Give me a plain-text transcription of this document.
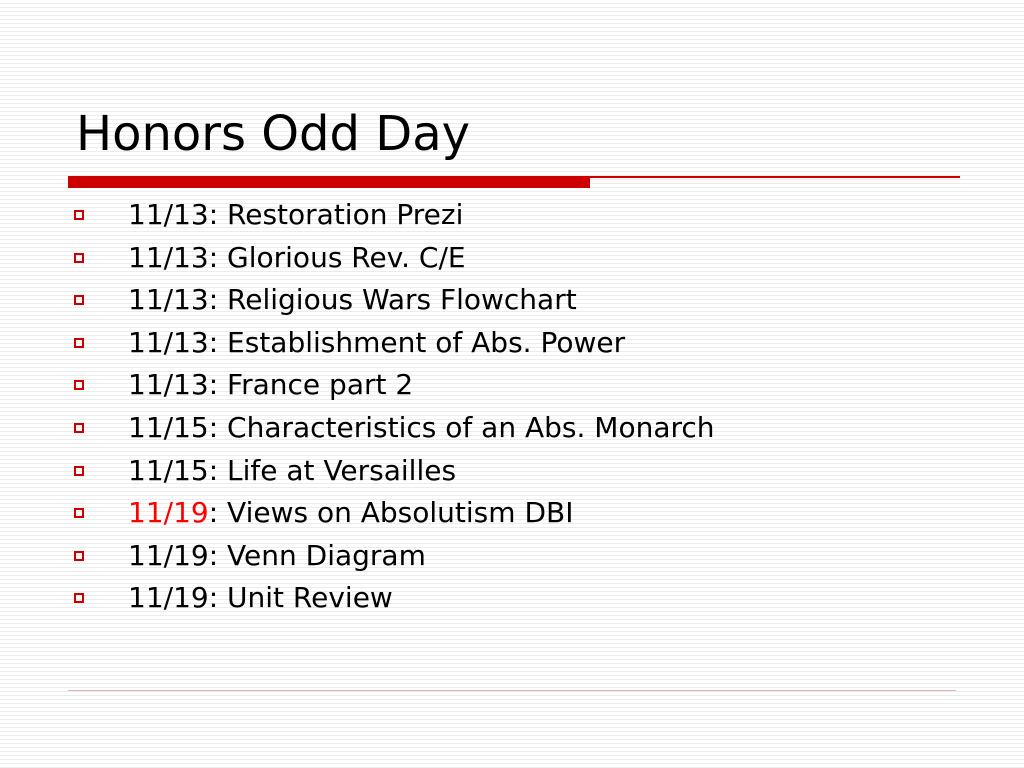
Honors Odd Day
11/13: Restoration Prezi
11/13: Glorious Rev. C/E
11/13: Religious Wars Flowchart
11/13: Establishment of Abs. Power
11/13: France part 2
11/15: Characteristics of an Abs. Monarch
11/15: Life at Versailles
11/19: Views on Absolutism DBI
11/19: Venn Diagram
11/19: Unit Review
